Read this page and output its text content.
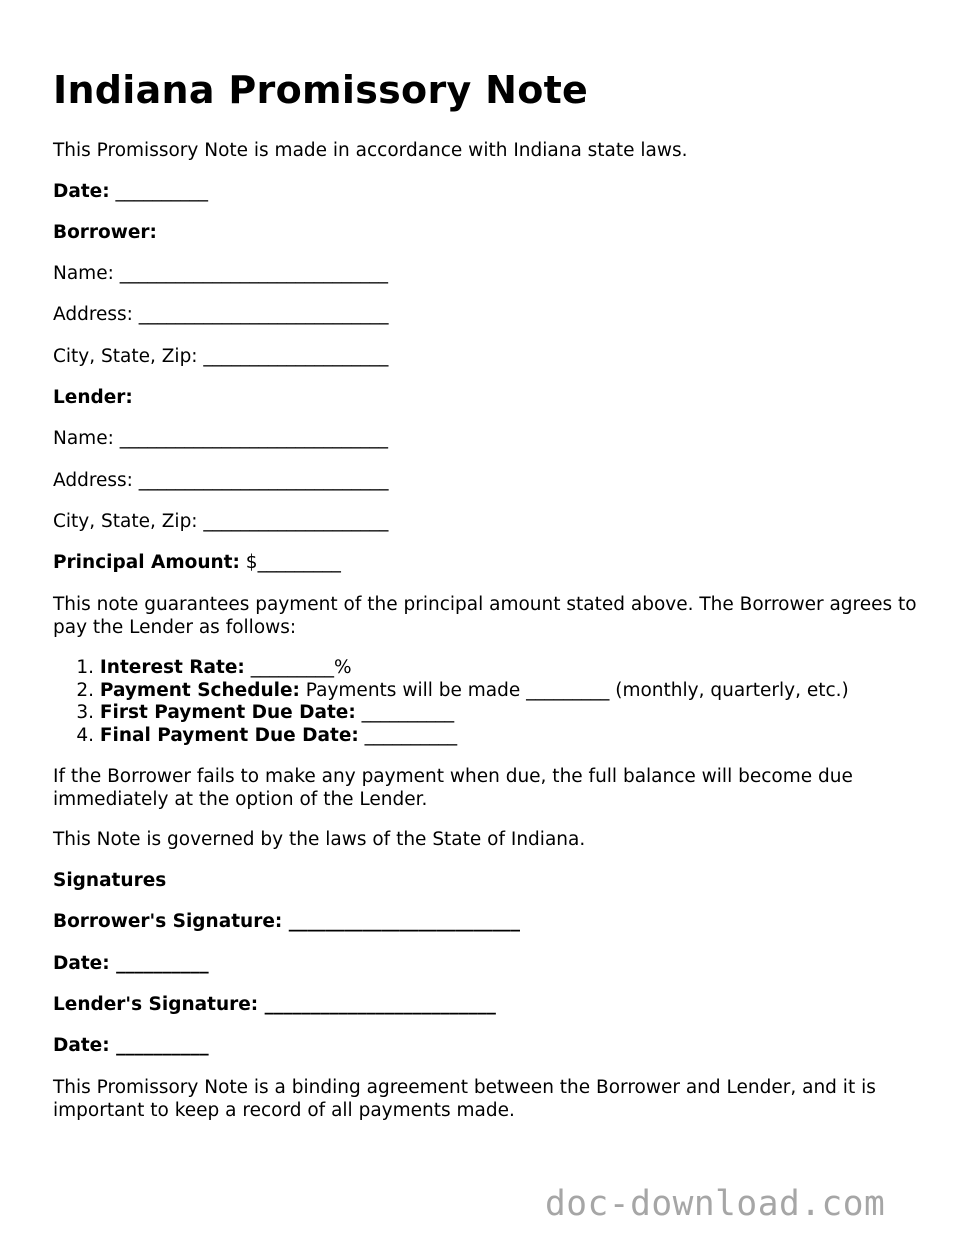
Indiana Promissory Note
This Promissory Note is made in accordance with Indiana state laws.
Date: __________
Borrower:
Name: _____________________________
Address: ___________________________
City, State, Zip: ____________________
Lender:
Name: _____________________________
Address: ___________________________
City, State, Zip: ____________________
Principal Amount: $_________
This note guarantees payment of the principal amount stated above. The Borrower agrees to pay the Lender as follows:
1. Interest Rate: _________%
2. Payment Schedule: Payments will be made _________ (monthly, quarterly, etc.)
3. First Payment Due Date: __________
4. Final Payment Due Date: __________
If the Borrower fails to make any payment when due, the full balance will become due immediately at the option of the Lender.
This Note is governed by the laws of the State of Indiana.
Signatures
Borrower's Signature: _________________________
Date: __________
Lender's Signature: _________________________
Date: __________
This Promissory Note is a binding agreement between the Borrower and Lender, and it is important to keep a record of all payments made.
doc-download.com
